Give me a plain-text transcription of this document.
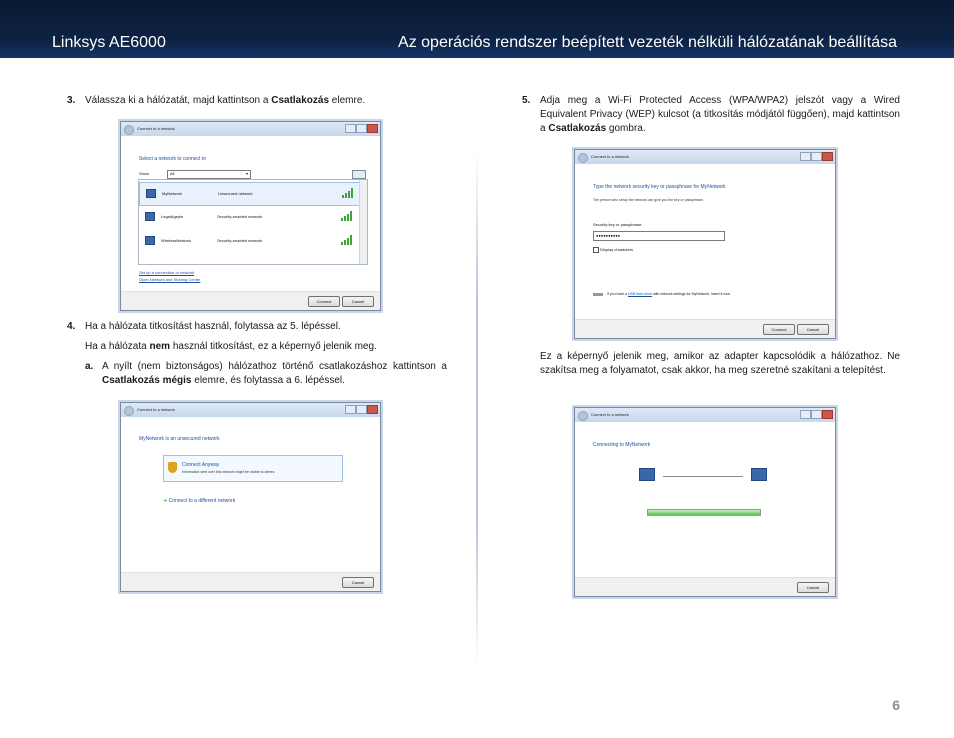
Linksys AE6000	Az operációs rendszer beépített vezeték nélküli hálózatának beállítása
3. Válassza ki a hálózatát, majd kattintson a Csatlakozás elemre.
Connect to a network
Select a network to connect to
Show	All	▾
MyNetwork	Unsecured network
LegalAgeple	Security-enabled network
WirelessNetwork	Security-enabled network
Set up a connection or network
Open Network and Sharing Center
Connect	Cancel
4. Ha a hálózata titkosítást használ, folytassa az 5. lépéssel.
Ha a hálózata nem használ titkosítást, ez a képernyő jelenik meg.
a. A nyílt (nem biztonságos) hálózathoz történő csatlakozáshoz kattintson a Csatlakozás mégis elemre, és folytassa a 6. lépéssel.
Connect to a network
MyNetwork is an unsecured network
Connect Anyway
Information sent over this network might be visible to others.
➜ Connect to a different network
Cancel
5. Adja meg a Wi-Fi Protected Access (WPA/WPA2) jelszót vagy a Wired Equivalent Privacy (WEP) kulcsot (a titkosítás módjától függően), majd kattintson a Csatlakozás gombra.
Connect to a network
Type the network security key or passphrase for MyNetwork
The person who setup the network can give you the key or passphrase.
Security key or passphrase:
●●●●●●●●●●
Display characters
If you have a USB flash drive with network settings for MyNetwork, insert it now.
Connect	Cancel
Ez a képernyő jelenik meg, amikor az adapter kapcsolódik a hálózathoz. Ne szakítsa meg a folyamatot, csak akkor, ha meg szeretné szakítani a telepítést.
Connect to a network
Connecting to MyNetwork
Cancel
6
